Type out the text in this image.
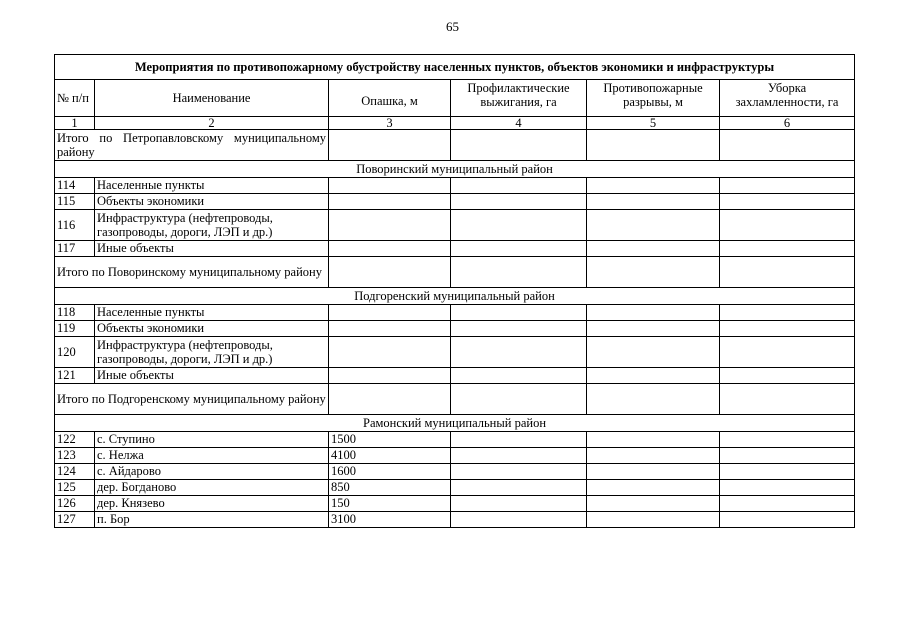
65
Мероприятия по противопожарному обустройству населенных пунктов, объектов экономики и инфраструктуры					
№ п/п	Наименование	Опашка, м	Профилактические выжигания, га	Противопожарные разрывы, м	Уборка захламленности, га
1	2	3	4	5	6
Итого по Петропавловскому муниципальному району					
Поворинский муниципальный район					
114	Населенные пункты				
115	Объекты экономики				
116	Инфраструктура (нефтепроводы, газопроводы, дороги, ЛЭП и др.)				
117	Иные объекты				
Итого по Поворинскому муниципальному району					
Подгоренский муниципальный район					
118	Населенные пункты				
119	Объекты экономики				
120	Инфраструктура (нефтепроводы, газопроводы, дороги, ЛЭП и др.)				
121	Иные объекты				
Итого по Подгоренскому муниципальному району					
Рамонский муниципальный район					
122	с. Ступино	1500			
123	с. Нелжа	4100			
124	с. Айдарово	1600			
125	дер. Богданово	850			
126	дер. Князево	150			
127	п. Бор	3100			
